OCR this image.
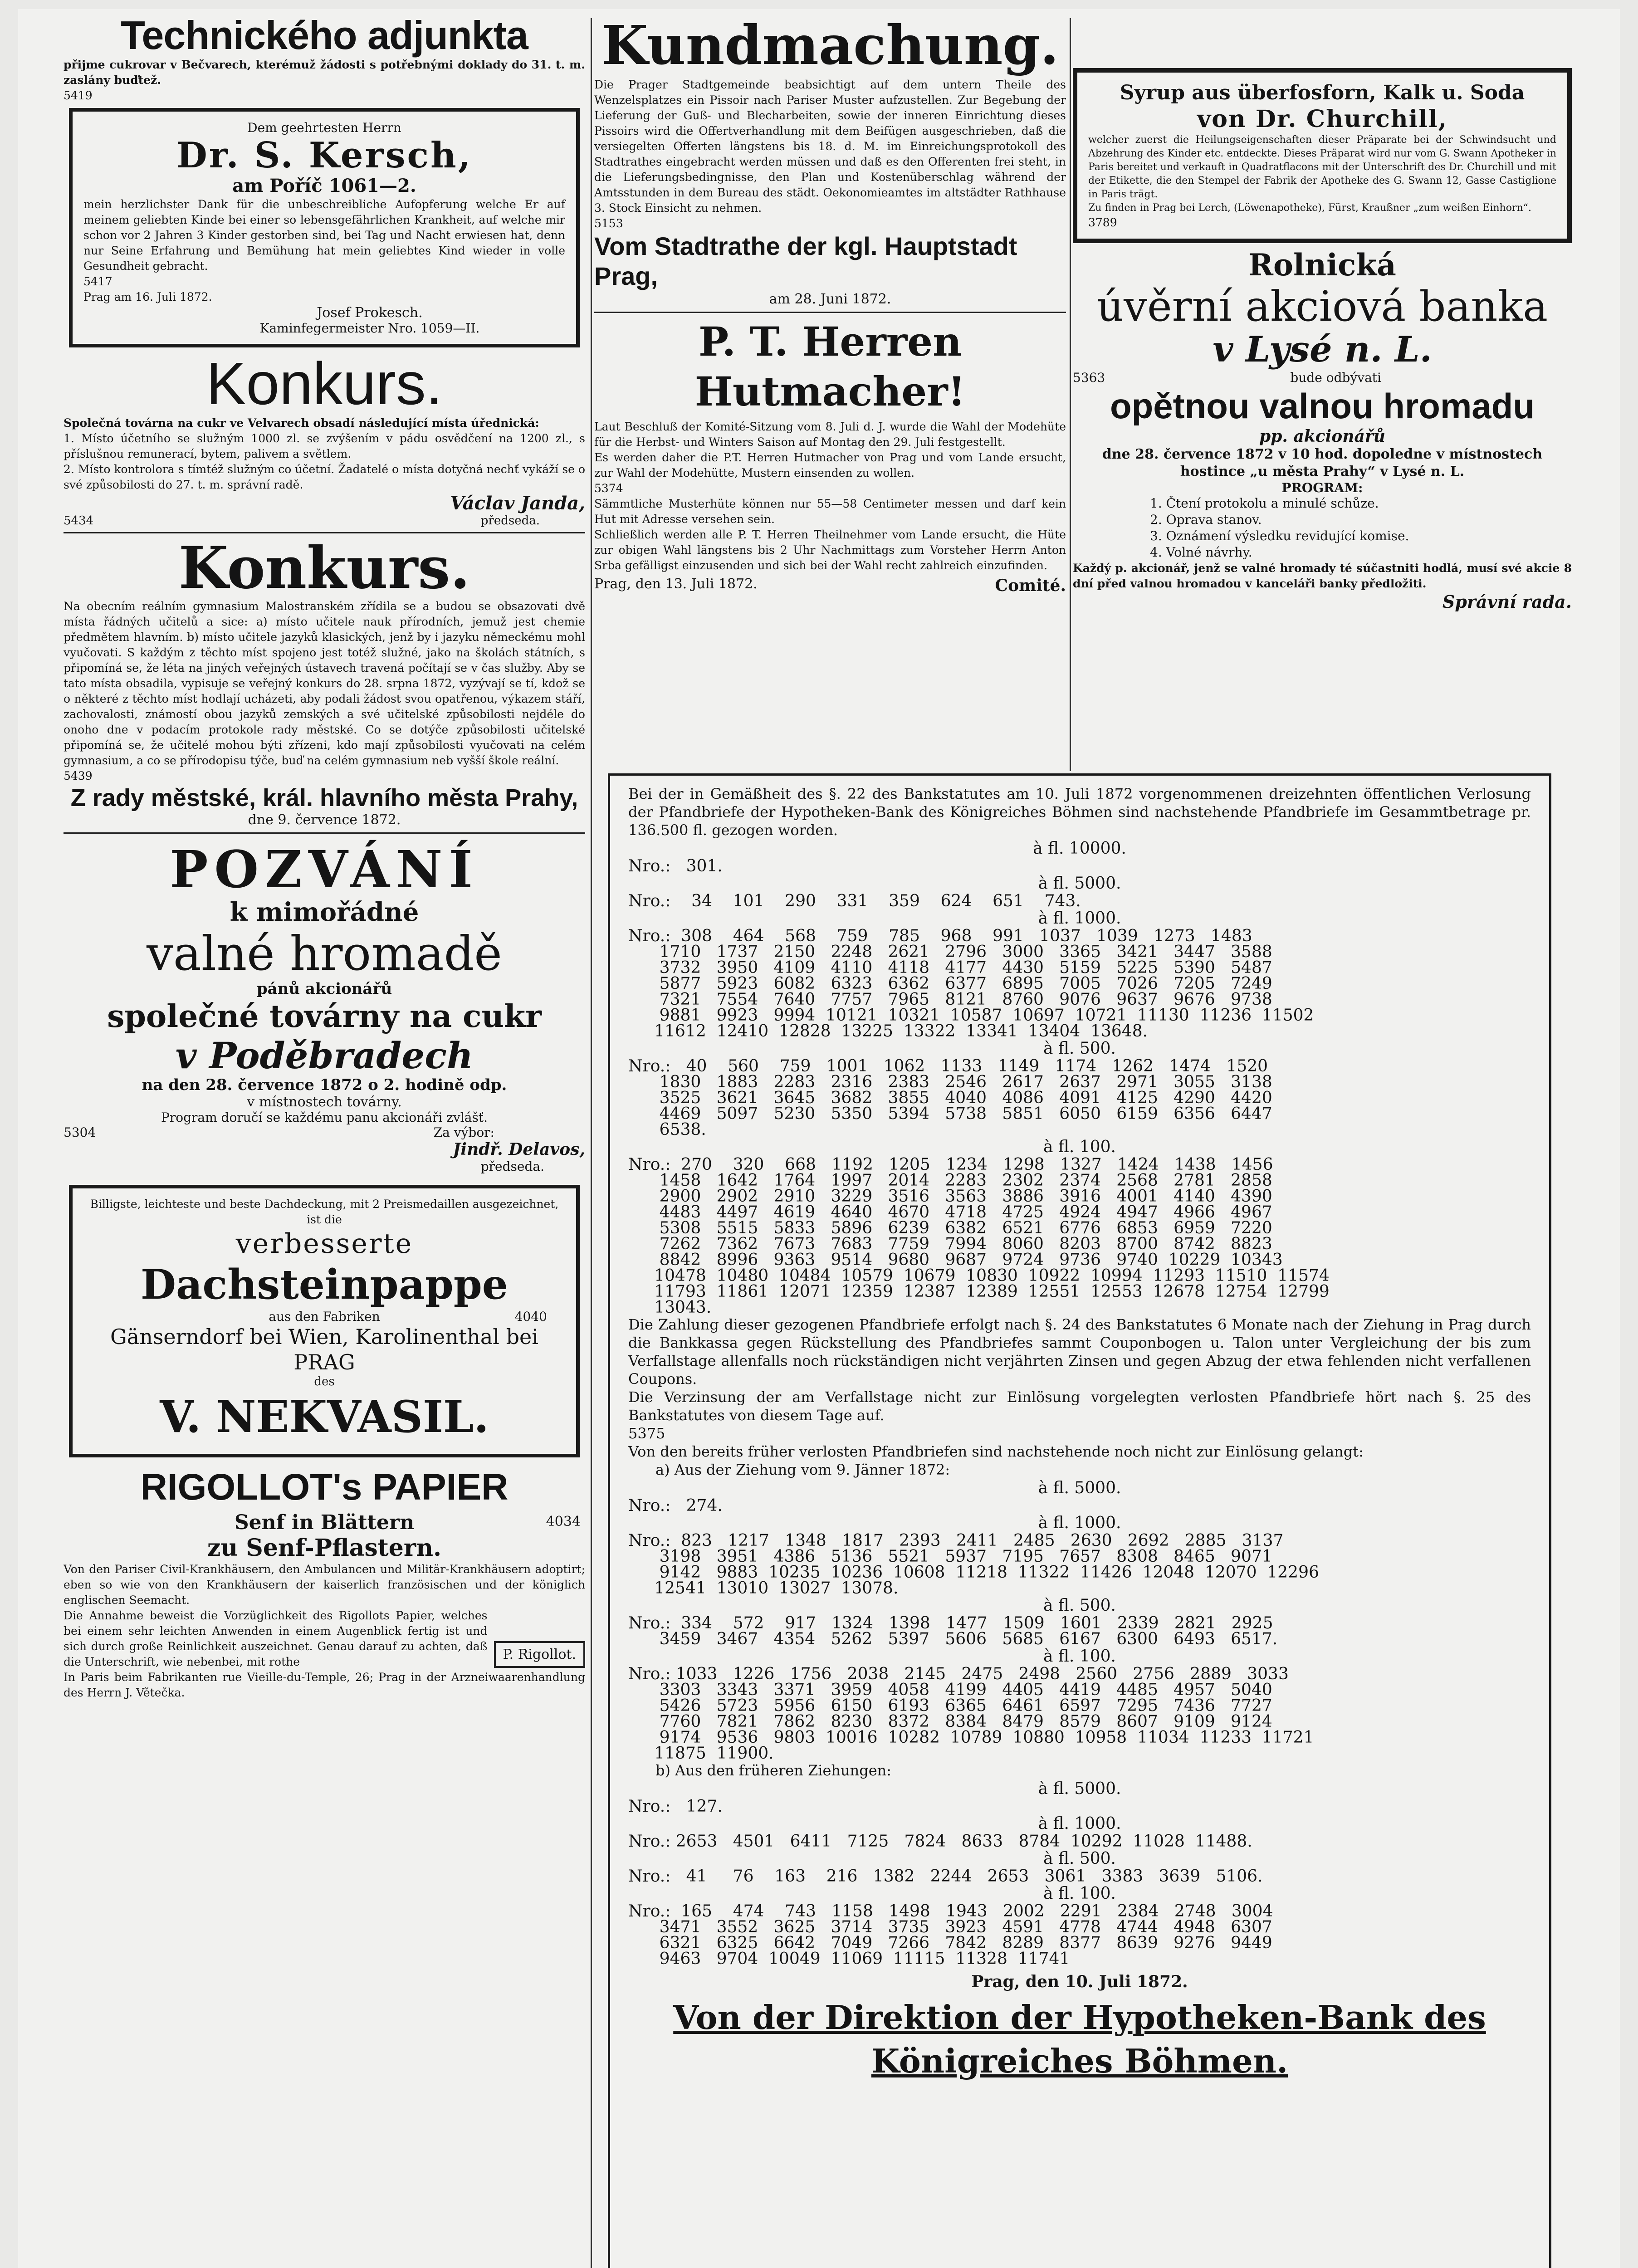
Technického adjunkta

přijme cukrovar v Bečvarech, kterémuž žádosti s potřebnými doklady do 31. t. m. zaslány buďtež.

5419

Dem geehrtesten Herrn
Dr. S. Kersch,
am Poříč 1061—2.

mein herzlichster Dank für die unbeschreibliche Aufopferung welche Er auf meinem geliebten Kinde bei einer so lebensgefährlichen Krankheit, auf welche mir schon vor 2 Jahren 3 Kinder gestorben sind, bei Tag und Nacht erwiesen hat, denn nur Seine Erfahrung und Bemühung hat mein geliebtes Kind wieder in volle Gesundheit gebracht.

5417

Prag am 16. Juli 1872.

Josef Prokesch.
Kaminfegermeister Nro. 1059—II.
Konkurs.

Společná továrna na cukr ve Velvarech obsadí následující místa úřednická:

1. Místo účetního se služným 1000 zl. se zvýšením v pádu osvědčení na 1200 zl., s příslušnou remunerací, bytem, palivem a světlem.

2. Místo kontrolora s tímtéž služným co účetní. Žadatelé o místa dotyčná nechť vykáží se o své způsobilosti do 27. t. m. správní radě.

Václav Janda,
5434	předseda.
Konkurs.

Na obecním reálním gymnasium Malostranském zřídila se a budou se obsazovati dvě místa řádných učitelů a sice: a) místo učitele nauk přírodních, jemuž jest chemie předmětem hlavním. b) místo učitele jazyků klasických, jenž by i jazyku německému mohl vyučovati. S každým z těchto míst spojeno jest totéž služné, jako na školách státních, s připomíná se, že léta na jiných veřejných ústavech travená počítají se v čas služby. Aby se tato místa obsadila, vypisuje se veřejný konkurs do 28. srpna 1872, vyzývají se tí, kdož se o některé z těchto míst hodlají ucházeti, aby podali žádost svou opatřenou, výkazem stáří, zachovalosti, známostí obou jazyků zemských a své učitelské způsobilosti nejdéle do onoho dne v podacím protokole rady městské. Co se dotýče způsobilosti učitelské připomíná se, že učitelé mohou býti zřízeni, kdo mají způsobilosti vyučovati na celém gymnasium, a co se přírodopisu týče, buď na celém gymnasium neb vyšší škole reální.

5439

Z rady městské, král. hlavního města Prahy,
dne 9. července 1872.
POZVÁNÍ
k mimořádné
valné hromadě
pánů akcionářů
společné továrny na cukr
v Poděbradech
na den 28. července 1872 o 2. hodině odp.
v místnostech továrny.
Program doručí se každému panu akcionáři zvlášť.
5304	Za výbor:
Jindř. Delavos,
předseda.

Billigste, leichteste und beste Dachdeckung, mit 2 Preismedaillen ausgezeichnet, ist die

verbesserte
Dachsteinpappe
aus den Fabriken	4040
Gänserndorf bei Wien, Karolinenthal bei PRAG
des
V. NEKVASIL.
RIGOLLOT's PAPIER
Senf in Blättern	4034
zu Senf-Pflastern.

Von den Pariser Civil-Krankhäusern, den Ambulancen und Militär-Krankhäusern adoptirt; eben so wie von den Krankhäusern der kaiserlich französischen und der königlich englischen Seemacht.

Die Annahme beweist die Vorzüglichkeit des Rigollots Papier, welches bei einem sehr leichten Anwenden in einem Augenblick fertig ist und sich durch große Reinlichkeit auszeichnet. Genau darauf zu achten, daß die Unterschrift, wie nebenbei, mit rothe	P. Rigollot.

In Paris beim Fabrikanten rue Vieille-du-Temple, 26; Prag in der Arzneiwaarenhandlung des Herrn J. Větečka.

Kundmachung.

Die Prager Stadtgemeinde beabsichtigt auf dem untern Theile des Wenzelsplatzes ein Pissoir nach Pariser Muster aufzustellen. Zur Begebung der Lieferung der Guß- und Blecharbeiten, sowie der inneren Einrichtung dieses Pissoirs wird die Offertverhandlung mit dem Beifügen ausgeschrieben, daß die versiegelten Offerten längstens bis 18. d. M. im Einreichungsprotokoll des Stadtrathes eingebracht werden müssen und daß es den Offerenten frei steht, in die Lieferungsbedingnisse, den Plan und Kostenüberschlag während der Amtsstunden in dem Bureau des städt. Oekonomieamtes im altstädter Rathhause 3. Stock Einsicht zu nehmen.

5153

Vom Stadtrathe der kgl. Hauptstadt Prag,
am 28. Juni 1872.
P. T. Herren Hutmacher!

Laut Beschluß der Komité-Sitzung vom 8. Juli d. J. wurde die Wahl der Modehüte für die Herbst- und Winters Saison auf Montag den 29. Juli festgestellt.

Es werden daher die P.T. Herren Hutmacher von Prag und vom Lande ersucht, zur Wahl der Modehütte, Mustern einsenden zu wollen.

5374

Sämmtliche Musterhüte können nur 55—58 Centimeter messen und darf kein Hut mit Adresse versehen sein.

Schließlich werden alle P. T. Herren Theilnehmer vom Lande ersucht, die Hüte zur obigen Wahl längstens bis 2 Uhr Nachmittags zum Vorsteher Herrn Anton Srba gefälligst einzusenden und sich bei der Wahl recht zahlreich einzufinden.

Prag, den 13. Juli 1872.	Comité.
Syrup aus überfosforn, Kalk u. Soda
von Dr. Churchill,

welcher zuerst die Heilungseigenschaften dieser Präparate bei der Schwindsucht und Abzehrung des Kinder etc. entdeckte. Dieses Präparat wird nur vom G. Swann Apotheker in Paris bereitet und verkauft in Quadratflacons mit der Unterschrift des Dr. Churchill und mit der Etikette, die den Stempel der Fabrik der Apotheke des G. Swann 12, Gasse Castiglione in Paris trägt.

Zu finden in Prag bei Lerch, (Löwenapotheke), Fürst, Kraußner „zum weißen Einhorn“.

3789

Rolnická
úvěrní akciová banka
v Lysé n. L.
5363	bude odbývati
opětnou valnou hromadu
pp. akcionářů

dne 28. července 1872 v 10 hod. dopoledne v místnostech hostince „u města Prahy“ v Lysé n. L.

PROGRAM:
1. Čtení protokolu a minulé schůze.
2. Oprava stanov.
3. Oznámení výsledku revidující komise.
4. Volné návrhy.

Každý p. akcionář, jenž se valné hromady té súčastniti hodlá, musí své akcie 8 dní před valnou hromadou v kanceláři banky předložiti.

Správní rada.

Bei der in Gemäßheit des §. 22 des Bankstatutes am 10. Juli 1872 vorgenommenen dreizehnten öffentlichen Verlosung der Pfandbriefe der Hypotheken-Bank des Königreiches Böhmen sind nachstehende Pfandbriefe im Gesammtbetrage pr. 136.500 fl. gezogen worden.

à fl. 10000.

Nro.:   301.

à fl. 5000.

Nro.:    34    101    290    331    359    624    651    743.

à fl. 1000.

Nro.:  308    464    568    759    785    968    991   1037   1039   1273   1483
1710   1737   2150   2248   2621   2796   3000   3365   3421   3447   3588
3732   3950   4109   4110   4118   4177   4430   5159   5225   5390   5487
5877   5923   6082   6323   6362   6377   6895   7005   7026   7205   7249
7321   7554   7640   7757   7965   8121   8760   9076   9637   9676   9738
9881   9923   9994  10121  10321  10587  10697  10721  11130  11236  11502
11612  12410  12828  13225  13322  13341  13404  13648.

à fl. 500.

Nro.:   40    560    759   1001   1062   1133   1149   1174   1262   1474   1520
1830   1883   2283   2316   2383   2546   2617   2637   2971   3055   3138
3525   3621   3645   3682   3855   4040   4086   4091   4125   4290   4420
4469   5097   5230   5350   5394   5738   5851   6050   6159   6356   6447
6538.

à fl. 100.

Nro.:  270    320    668   1192   1205   1234   1298   1327   1424   1438   1456
1458   1642   1764   1997   2014   2283   2302   2374   2568   2781   2858
2900   2902   2910   3229   3516   3563   3886   3916   4001   4140   4390
4483   4497   4619   4640   4670   4718   4725   4924   4947   4966   4967
5308   5515   5833   5896   6239   6382   6521   6776   6853   6959   7220
7262   7362   7673   7683   7759   7994   8060   8203   8700   8742   8823
8842   8996   9363   9514   9680   9687   9724   9736   9740  10229  10343
10478  10480  10484  10579  10679  10830  10922  10994  11293  11510  11574
11793  11861  12071  12359  12387  12389  12551  12553  12678  12754  12799
13043.

Die Zahlung dieser gezogenen Pfandbriefe erfolgt nach §. 24 des Bankstatutes 6 Monate nach der Ziehung in Prag durch die Bankkassa gegen Rückstellung des Pfandbriefes sammt Couponbogen u. Talon unter Vergleichung der bis zum Verfallstage allenfalls noch rückständigen nicht verjährten Zinsen und gegen Abzug der etwa fehlenden nicht verfallenen Coupons.

Die Verzinsung der am Verfallstage nicht zur Einlösung vorgelegten verlosten Pfandbriefe hört nach §. 25 des Bankstatutes von diesem Tage auf.

5375

Von den bereits früher verlosten Pfandbriefen sind nachstehende noch nicht zur Einlösung gelangt:

a) Aus der Ziehung vom 9. Jänner 1872:

à fl. 5000.

Nro.:   274.

à fl. 1000.

Nro.:  823   1217   1348   1817   2393   2411   2485   2630   2692   2885   3137
3198   3951   4386   5136   5521   5937   7195   7657   8308   8465   9071
9142   9883  10235  10236  10608  11218  11322  11426  12048  12070  12296
12541  13010  13027  13078.

à fl. 500.

Nro.:  334    572    917   1324   1398   1477   1509   1601   2339   2821   2925
3459   3467   4354   5262   5397   5606   5685   6167   6300   6493   6517.

à fl. 100.

Nro.: 1033   1226   1756   2038   2145   2475   2498   2560   2756   2889   3033
3303   3343   3371   3959   4058   4199   4405   4419   4485   4957   5040
5426   5723   5956   6150   6193   6365   6461   6597   7295   7436   7727
7760   7821   7862   8230   8372   8384   8479   8579   8607   9109   9124
9174   9536   9803  10016  10282  10789  10880  10958  11034  11233  11721
11875  11900.

b) Aus den früheren Ziehungen:

à fl. 5000.

Nro.:   127.

à fl. 1000.

Nro.: 2653   4501   6411   7125   7824   8633   8784  10292  11028  11488.

à fl. 500.

Nro.:   41     76    163    216   1382   2244   2653   3061   3383   3639   5106.

à fl. 100.

Nro.:  165    474    743   1158   1498   1943   2002   2291   2384   2748   3004
3471   3552   3625   3714   3735   3923   4591   4778   4744   4948   6307
6321   6325   6642   7049   7266   7842   8289   8377   8639   9276   9449
9463   9704  10049  11069  11115  11328  11741

Prag, den 10. Juli 1872.

Von der Direktion der Hypotheken-Bank des Königreiches Böhmen.
